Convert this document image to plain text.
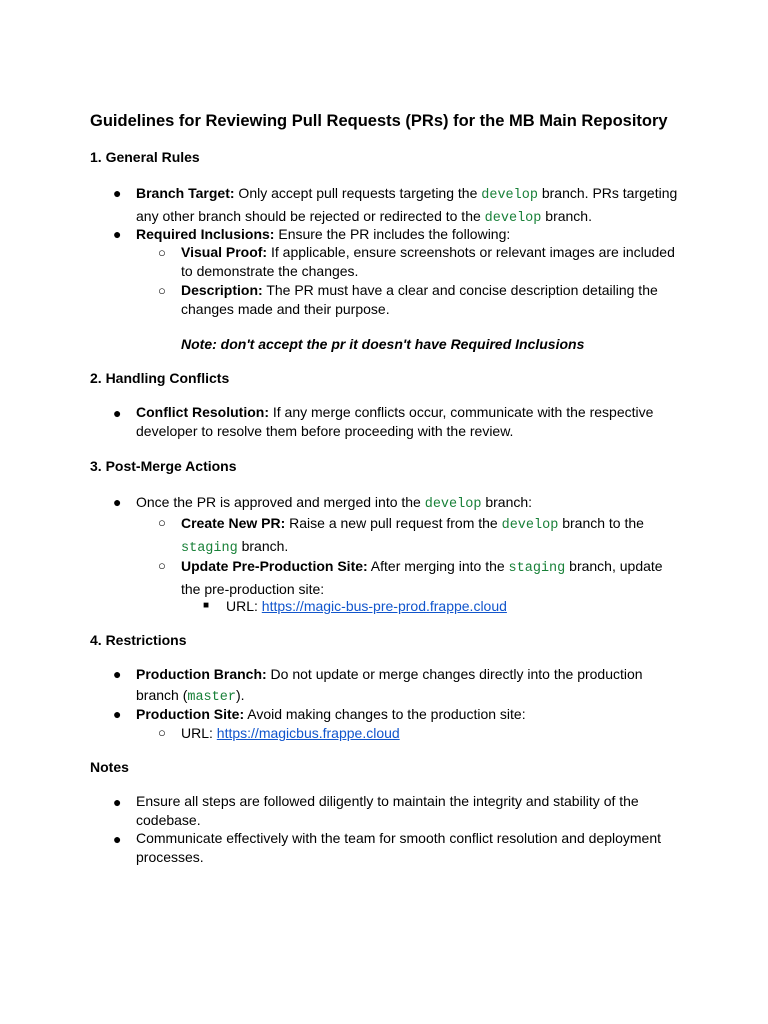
Guidelines for Reviewing Pull Requests (PRs) for the MB Main Repository
1. General Rules
● Branch Target: Only accept pull requests targeting the develop branch. PRs targeting any other branch should be rejected or redirected to the develop branch.
● Required Inclusions: Ensure the PR includes the following:
○ Visual Proof: If applicable, ensure screenshots or relevant images are included to demonstrate the changes.
○ Description: The PR must have a clear and concise description detailing the changes made and their purpose.
Note: don't accept the pr it doesn't have Required Inclusions
2. Handling Conflicts
● Conflict Resolution: If any merge conflicts occur, communicate with the respective developer to resolve them before proceeding with the review.
3. Post-Merge Actions
● Once the PR is approved and merged into the develop branch:
○ Create New PR: Raise a new pull request from the develop branch to the staging branch.
○ Update Pre-Production Site: After merging into the staging branch, update the pre-production site:
■ URL: https://magic-bus-pre-prod.frappe.cloud
4. Restrictions
● Production Branch: Do not update or merge changes directly into the production branch (master).
● Production Site: Avoid making changes to the production site:
○ URL: https://magicbus.frappe.cloud
Notes
● Ensure all steps are followed diligently to maintain the integrity and stability of the codebase.
● Communicate effectively with the team for smooth conflict resolution and deployment processes.
